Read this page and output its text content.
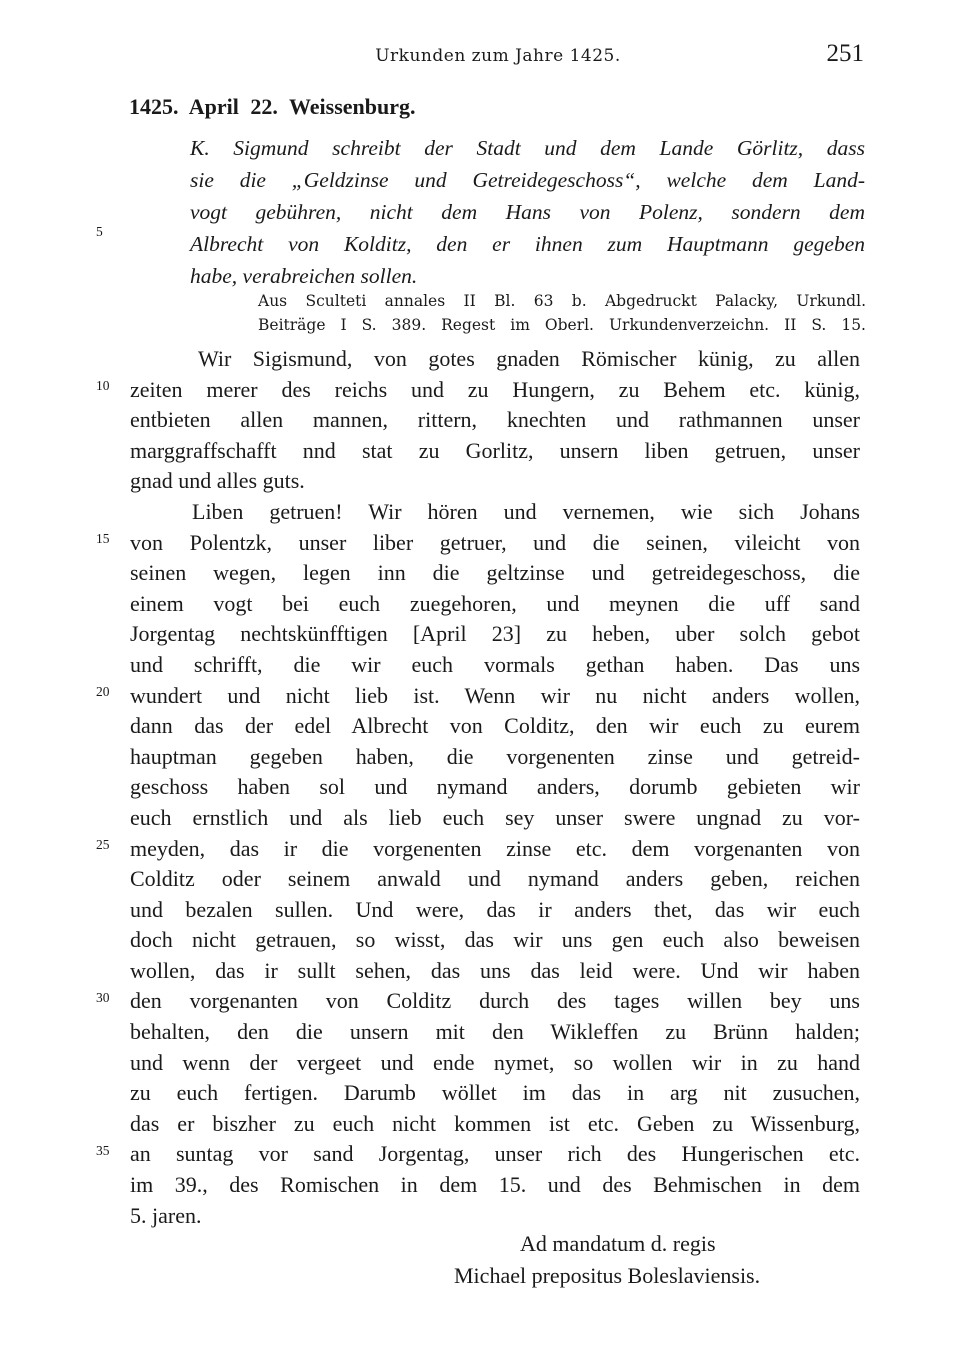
Urkunden zum Jahre 1425.	251
1425. April 22. Weissenburg.
K. Sigmund schreibt der Stadt und dem Lande Görlitz, dass
sie die „Geldzinse und Getreidegeschoss“, welche dem Land-
vogt gebühren, nicht dem Hans von Polenz, sondern dem
Albrecht von Kolditz, den er ihnen zum Hauptmann gegeben
habe, verabreichen sollen.
Aus Sculteti annales II Bl. 63 b. Abgedruckt Palacky, Urkundl.
Beiträge I S. 389. Regest im Oberl. Urkundenverzeichn. II S. 15.
Wir Sigismund, von gotes gnaden Römischer künig, zu allen
zeiten merer des reichs und zu Hungern, zu Behem etc. künig,
entbieten allen mannen, rittern, knechten und rathmannen unser
marggraffschafft nnd stat zu Gorlitz, unsern liben getruen, unser
gnad und alles guts.
Liben getruen! Wir hören und vernemen, wie sich Johans
von Polentzk, unser liber getruer, und die seinen, vileicht von
seinen wegen, legen inn die geltzinse und getreidegeschoss, die
einem vogt bei euch zuegehoren, und meynen die uff sand
Jorgentag nechtskünfftigen [April 23] zu heben, uber solch gebot
und schrifft, die wir euch vormals gethan haben. Das uns
wundert und nicht lieb ist. Wenn wir nu nicht anders wollen,
dann das der edel Albrecht von Colditz, den wir euch zu eurem
hauptman gegeben haben, die vorgenenten zinse und getreid-
geschoss haben sol und nymand anders, dorumb gebieten wir
euch ernstlich und als lieb euch sey unser swere ungnad zu vor-
meyden, das ir die vorgenenten zinse etc. dem vorgenanten von
Colditz oder seinem anwald und nymand anders geben, reichen
und bezalen sullen. Und were, das ir anders thet, das wir euch
doch nicht getrauen, so wisst, das wir uns gen euch also beweisen
wollen, das ir sullt sehen, das uns das leid were. Und wir haben
den vorgenanten von Colditz durch des tages willen bey uns
behalten, den die unsern mit den Wikleffen zu Brünn halden;
und wenn der vergeet und ende nymet, so wollen wir in zu hand
zu euch fertigen. Darumb wöllet im das in arg nit zusuchen,
das er biszher zu euch nicht kommen ist etc. Geben zu Wissenburg,
an suntag vor sand Jorgentag, unser rich des Hungerischen etc.
im 39., des Romischen in dem 15. und des Behmischen in dem
5. jaren.
Ad mandatum d. regis
Michael prepositus Boleslaviensis.
5
10
15
20
25
30
35
